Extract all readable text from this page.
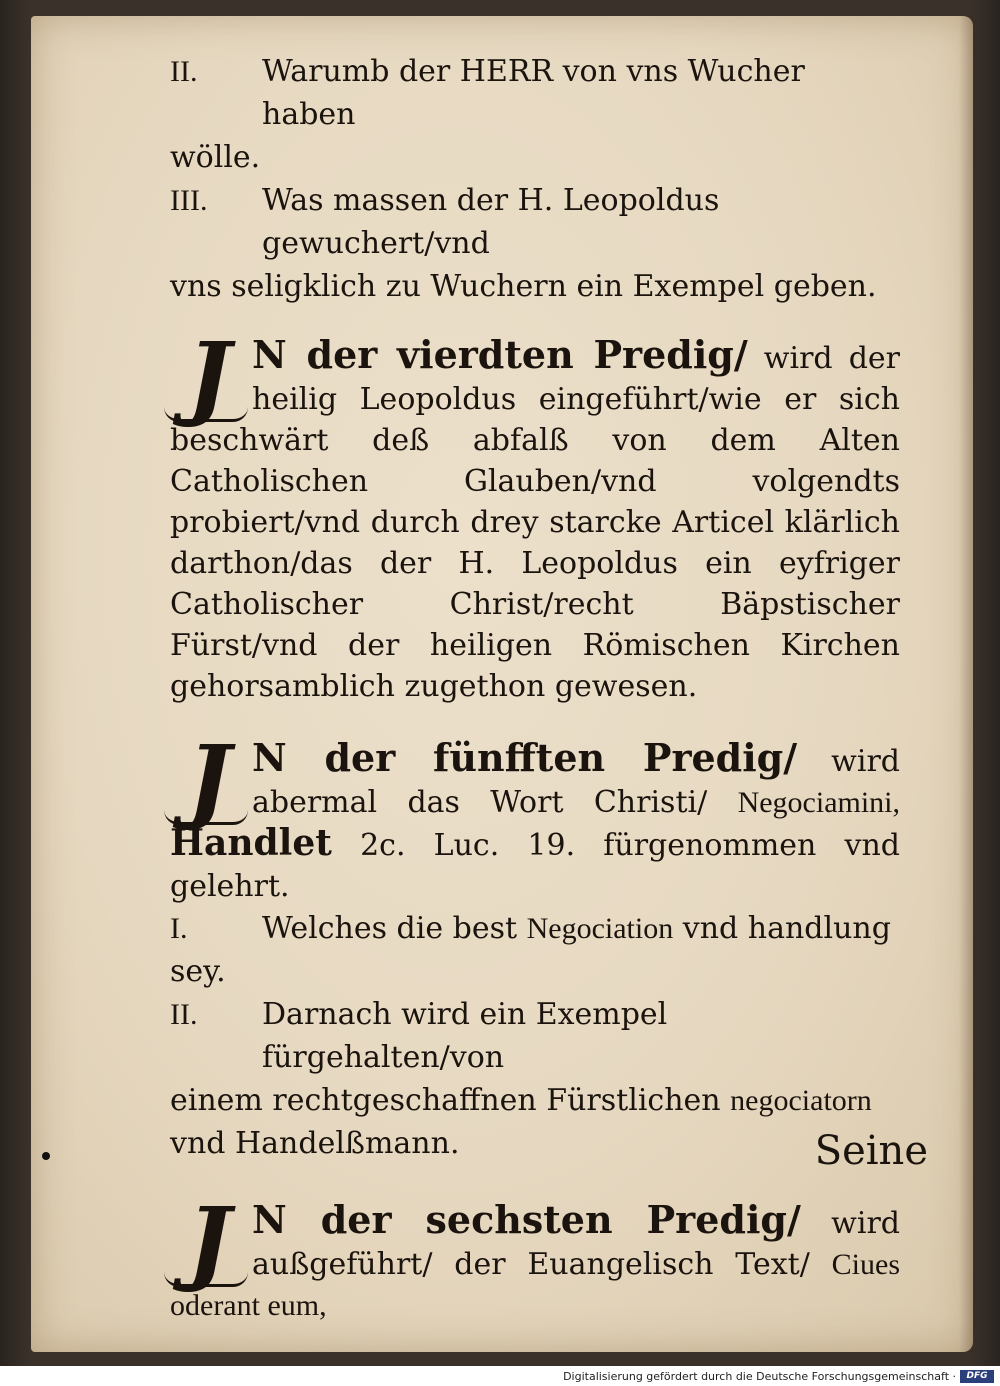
II.	Warumb der HERR von vns Wucher haben
wölle.
III.	Was massen der H. Leopoldus gewuchert/vnd
vns seligklich zu Wuchern ein Exempel geben.
J N der vierdten Predig/ wird der heilig Leopoldus eingeführt/wie er sich beschwärt deß abfalß von dem Alten Catholischen Glauben/vnd volgendts probiert/vnd durch drey starcke Articel klärlich darthon/das der H. Leopoldus ein eyfriger Catholischer Christ/recht Bäpstischer Fürst/vnd der heiligen Römischen Kirchen gehorsamblich zugethon gewesen.
J N der fünfften Predig/ wird abermal das Wort Christi/ Negociamini, Handlet 2c. Luc. 19. fürgenommen vnd gelehrt.
I.	Welches die best Negociation vnd handlung
sey.
II.	Darnach wird ein Exempel fürgehalten/von
einem rechtgeschaffnen Fürstlichen negociatorn
vnd Handelßmann.
J N der sechsten Predig/ wird außgeführt/ der Euangelisch Text/ Ciues oderant eum,
Seine
Digitalisierung gefördert durch die Deutsche Forschungsgemeinschaft ·	DFG
